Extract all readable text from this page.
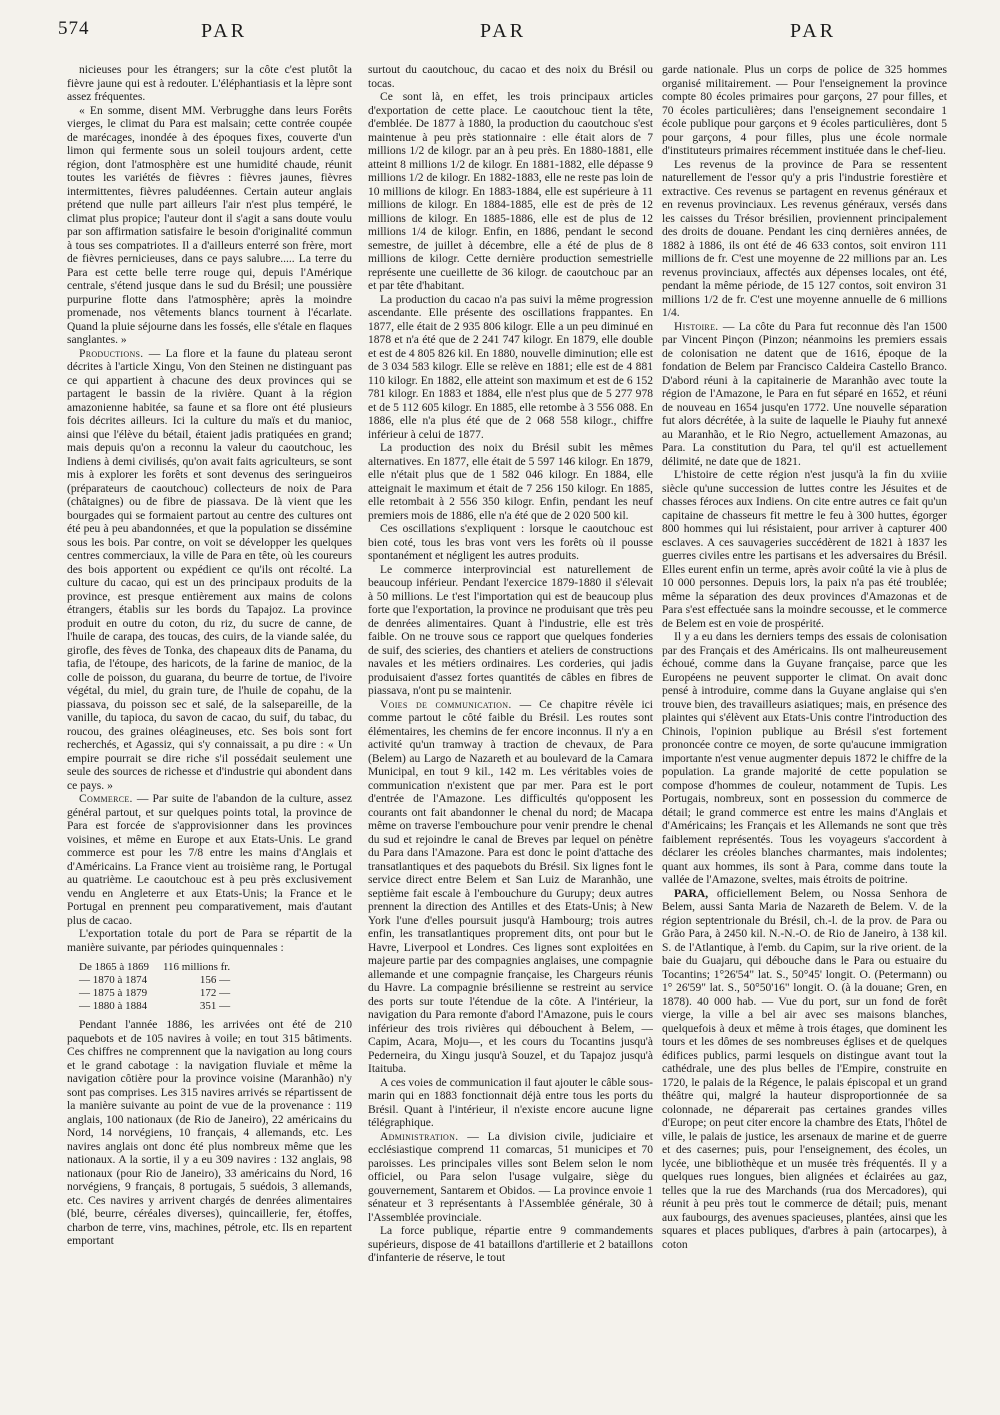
574	PAR	PAR	PAR

nicieuses pour les étrangers; sur la côte c'est plutôt la fièvre jaune qui est à redouter. L'éléphantiasis et la lèpre sont assez fréquentes.

« En somme, disent MM. Verbrugghe dans leurs Forêts vierges, le climat du Para est malsain; cette contrée coupée de marécages, inondée à des époques fixes, couverte d'un limon qui fermente sous un soleil toujours ardent, cette région, dont l'atmosphère est une humidité chaude, réunit toutes les variétés de fièvres : fièvres jaunes, fièvres intermittentes, fièvres paludéennes. Certain auteur anglais prétend que nulle part ailleurs l'air n'est plus tempéré, le climat plus propice; l'auteur dont il s'agit a sans doute voulu par son affirmation satisfaire le besoin d'originalité commun à tous ses compatriotes. Il a d'ailleurs enterré son frère, mort de fièvres pernicieuses, dans ce pays salubre..... La terre du Para est cette belle terre rouge qui, depuis l'Amérique centrale, s'étend jusque dans le sud du Brésil; une poussière purpurine flotte dans l'atmosphère; après la moindre promenade, nos vêtements blancs tournent à l'écarlate. Quand la pluie séjourne dans les fossés, elle s'étale en flaques sanglantes. »

Productions. — La flore et la faune du plateau seront décrites à l'article Xingu, Von den Steinen ne distinguant pas ce qui appartient à chacune des deux provinces qui se partagent le bassin de la rivière. Quant à la région amazonienne habitée, sa faune et sa flore ont été plusieurs fois décrites ailleurs. Ici la culture du maïs et du manioc, ainsi que l'élève du bétail, étaient jadis pratiquées en grand; mais depuis qu'on a reconnu la valeur du caoutchouc, les Indiens à demi civilisés, qu'on avait faits agriculteurs, se sont mis à explorer les forêts et sont devenus des seringueiros (préparateurs de caoutchouc) collecteurs de noix de Para (châtaignes) ou de fibre de piassava. De là vient que les bourgades qui se formaient partout au centre des cultures ont été peu à peu abandonnées, et que la population se dissémine sous les bois. Par contre, on voit se développer les quelques centres commerciaux, la ville de Para en tête, où les coureurs des bois apportent ou expédient ce qu'ils ont récolté. La culture du cacao, qui est un des principaux produits de la province, est presque entièrement aux mains de colons étrangers, établis sur les bords du Tapajoz. La province produit en outre du coton, du riz, du sucre de canne, de l'huile de carapa, des toucas, des cuirs, de la viande salée, du girofle, des fèves de Tonka, des chapeaux dits de Panama, du tafia, de l'étoupe, des haricots, de la farine de manioc, de la colle de poisson, du guarana, du beurre de tortue, de l'ivoire végétal, du miel, du grain ture, de l'huile de copahu, de la piassava, du poisson sec et salé, de la salsepareille, de la vanille, du tapioca, du savon de cacao, du suif, du tabac, du roucou, des graines oléagineuses, etc. Ses bois sont fort recherchés, et Agassiz, qui s'y connaissait, a pu dire : « Un empire pourrait se dire riche s'il possédait seulement une seule des sources de richesse et d'industrie qui abondent dans ce pays. »

Commerce. — Par suite de l'abandon de la culture, assez général partout, et sur quelques points total, la province de Para est forcée de s'approvisionner dans les provinces voisines, et même en Europe et aux Etats-Unis. Le grand commerce est pour les 7/8 entre les mains d'Anglais et d'Américains. La France vient au troisième rang, le Portugal au quatrième. Le caoutchouc est à peu près exclusivement vendu en Angleterre et aux Etats-Unis; la France et le Portugal en prennent peu comparativement, mais d'autant plus de cacao.

L'exportation totale du port de Para se répartit de la manière suivante, par périodes quinquennales :

De 1865 à 1869	116 millions fr.
— 1870 à 1874	156 —
— 1875 à 1879	172 —
— 1880 à 1884	351 —

Pendant l'année 1886, les arrivées ont été de 210 paquebots et de 105 navires à voile; en tout 315 bâtiments. Ces chiffres ne comprennent que la navigation au long cours et le grand cabotage : la navigation fluviale et même la navigation côtière pour la province voisine (Maranhão) n'y sont pas comprises. Les 315 navires arrivés se répartissent de la manière suivante au point de vue de la provenance : 119 anglais, 100 nationaux (de Rio de Janeiro), 22 américains du Nord, 14 norvégiens, 10 français, 4 allemands, etc. Les navires anglais ont donc été plus nombreux même que les nationaux. A la sortie, il y a eu 309 navires : 132 anglais, 98 nationaux (pour Rio de Janeiro), 33 américains du Nord, 16 norvégiens, 9 français, 8 portugais, 5 suédois, 3 allemands, etc. Ces navires y arrivent chargés de denrées alimentaires (blé, beurre, céréales diverses), quincaillerie, fer, étoffes, charbon de terre, vins, machines, pétrole, etc. Ils en repartent emportant

surtout du caoutchouc, du cacao et des noix du Brésil ou tocas.

Ce sont là, en effet, les trois principaux articles d'exportation de cette place. Le caoutchouc tient la tête, d'emblée. De 1877 à 1880, la production du caoutchouc s'est maintenue à peu près stationnaire : elle était alors de 7 millions 1/2 de kilogr. par an à peu près. En 1880-1881, elle atteint 8 millions 1/2 de kilogr. En 1881-1882, elle dépasse 9 millions 1/2 de kilogr. En 1882-1883, elle ne reste pas loin de 10 millions de kilogr. En 1883-1884, elle est supérieure à 11 millions de kilogr. En 1884-1885, elle est de près de 12 millions de kilogr. En 1885-1886, elle est de plus de 12 millions 1/4 de kilogr. Enfin, en 1886, pendant le second semestre, de juillet à décembre, elle a été de plus de 8 millions de kilogr. Cette dernière production semestrielle représente une cueillette de 36 kilogr. de caoutchouc par an et par tête d'habitant.

La production du cacao n'a pas suivi la même progression ascendante. Elle présente des oscillations frappantes. En 1877, elle était de 2 935 806 kilogr. Elle a un peu diminué en 1878 et n'a été que de 2 241 747 kilogr. En 1879, elle double et est de 4 805 826 kil. En 1880, nouvelle diminution; elle est de 3 034 583 kilogr. Elle se relève en 1881; elle est de 4 881 110 kilogr. En 1882, elle atteint son maximum et est de 6 152 781 kilogr. En 1883 et 1884, elle n'est plus que de 5 277 978 et de 5 112 605 kilogr. En 1885, elle retombe à 3 556 088. En 1886, elle n'a plus été que de 2 068 558 kilogr., chiffre inférieur à celui de 1877.

La production des noix du Brésil subit les mêmes alternatives. En 1877, elle était de 5 597 146 kilogr. En 1879, elle n'était plus que de 1 582 046 kilogr. En 1884, elle atteignait le maximum et était de 7 256 150 kilogr. En 1885, elle retombait à 2 556 350 kilogr. Enfin, pendant les neuf premiers mois de 1886, elle n'a été que de 2 020 500 kil.

Ces oscillations s'expliquent : lorsque le caoutchouc est bien coté, tous les bras vont vers les forêts où il pousse spontanément et négligent les autres produits.

Le commerce interprovincial est naturellement de beaucoup inférieur. Pendant l'exercice 1879-1880 il s'élevait à 50 millions. Le t'est l'importation qui est de beaucoup plus forte que l'exportation, la province ne produisant que très peu de denrées alimentaires. Quant à l'industrie, elle est très faible. On ne trouve sous ce rapport que quelques fonderies de suif, des scieries, des chantiers et ateliers de constructions navales et les métiers ordinaires. Les corderies, qui jadis produisaient d'assez fortes quantités de câbles en fibres de piassava, n'ont pu se maintenir.

Voies de communication. — Ce chapitre révèle ici comme partout le côté faible du Brésil. Les routes sont élémentaires, les chemins de fer encore inconnus. Il n'y a en activité qu'un tramway à traction de chevaux, de Para (Belem) au Largo de Nazareth et au boulevard de la Camara Municipal, en tout 9 kil., 142 m. Les véritables voies de communication n'existent que par mer. Para est le port d'entrée de l'Amazone. Les difficultés qu'opposent les courants ont fait abandonner le chenal du nord; de Macapa même on traverse l'embouchure pour venir prendre le chenal du sud et rejoindre le canal de Breves par lequel on pénètre du Para dans l'Amazone. Para est donc le point d'attache des transatlantiques et des paquebots du Brésil. Six lignes font le service direct entre Belem et San Luiz de Maranhão, une septième fait escale à l'embouchure du Gurupy; deux autres prennent la direction des Antilles et des Etats-Unis; à New York l'une d'elles poursuit jusqu'à Hambourg; trois autres enfin, les transatlantiques proprement dits, ont pour but le Havre, Liverpool et Londres. Ces lignes sont exploitées en majeure partie par des compagnies anglaises, une compagnie allemande et une compagnie française, les Chargeurs réunis du Havre. La compagnie brésilienne se restreint au service des ports sur toute l'étendue de la côte. A l'intérieur, la navigation du Para remonte d'abord l'Amazone, puis le cours inférieur des trois rivières qui débouchent à Belem, — Capim, Acara, Moju—, et les cours du Tocantins jusqu'à Pederneira, du Xingu jusqu'à Souzel, et du Tapajoz jusqu'à Itaituba.

A ces voies de communication il faut ajouter le câble sous-marin qui en 1883 fonctionnait déjà entre tous les ports du Brésil. Quant à l'intérieur, il n'existe encore aucune ligne télégraphique.

Administration. — La division civile, judiciaire et ecclésiastique comprend 11 comarcas, 51 municipes et 70 paroisses. Les principales villes sont Belem selon le nom officiel, ou Para selon l'usage vulgaire, siège du gouvernement, Santarem et Obidos. — La province envoie 1 sénateur et 3 représentants à l'Assemblée générale, 30 à l'Assemblée provinciale.

La force publique, répartie entre 9 commandements supérieurs, dispose de 41 bataillons d'artillerie et 2 bataillons d'infanterie de réserve, le tout

garde nationale. Plus un corps de police de 325 hommes organisé militairement. — Pour l'enseignement la province compte 80 écoles primaires pour garçons, 27 pour filles, et 70 écoles particulières; dans l'enseignement secondaire 1 école publique pour garçons et 9 écoles particulières, dont 5 pour garçons, 4 pour filles, plus une école normale d'instituteurs primaires récemment instituée dans le chef-lieu.

Les revenus de la province de Para se ressentent naturellement de l'essor qu'y a pris l'industrie forestière et extractive. Ces revenus se partagent en revenus généraux et en revenus provinciaux. Les revenus généraux, versés dans les caisses du Trésor brésilien, proviennent principalement des droits de douane. Pendant les cinq dernières années, de 1882 à 1886, ils ont été de 46 633 contos, soit environ 111 millions de fr. C'est une moyenne de 22 millions par an. Les revenus provinciaux, affectés aux dépenses locales, ont été, pendant la même période, de 15 127 contos, soit environ 31 millions 1/2 de fr. C'est une moyenne annuelle de 6 millions 1/4.

Histoire. — La côte du Para fut reconnue dès l'an 1500 par Vincent Pinçon (Pinzon; néanmoins les premiers essais de colonisation ne datent que de 1616, époque de la fondation de Belem par Francisco Caldeira Castello Branco. D'abord réuni à la capitainerie de Maranhão avec toute la région de l'Amazone, le Para en fut séparé en 1652, et réuni de nouveau en 1654 jusqu'en 1772. Une nouvelle séparation fut alors décrétée, à la suite de laquelle le Piauhy fut annexé au Maranhão, et le Rio Negro, actuellement Amazonas, au Para. La constitution du Para, tel qu'il est actuellement délimité, ne date que de 1821.

L'histoire de cette région n'est jusqu'à la fin du xviiie siècle qu'une succession de luttes contre les Jésuites et de chasses féroces aux Indiens. On cite entre autres ce fait qu'un capitaine de chasseurs fit mettre le feu à 300 huttes, égorger 800 hommes qui lui résistaient, pour arriver à capturer 400 esclaves. A ces sauvageries succédèrent de 1821 à 1837 les guerres civiles entre les partisans et les adversaires du Brésil. Elles eurent enfin un terme, après avoir coûté la vie à plus de 10 000 personnes. Depuis lors, la paix n'a pas été troublée; même la séparation des deux provinces d'Amazonas et de Para s'est effectuée sans la moindre secousse, et le commerce de Belem est en voie de prospérité.

Il y a eu dans les derniers temps des essais de colonisation par des Français et des Américains. Ils ont malheureusement échoué, comme dans la Guyane française, parce que les Européens ne peuvent supporter le climat. On avait donc pensé à introduire, comme dans la Guyane anglaise qui s'en trouve bien, des travailleurs asiatiques; mais, en présence des plaintes qui s'élèvent aux Etats-Unis contre l'introduction des Chinois, l'opinion publique au Brésil s'est fortement prononcée contre ce moyen, de sorte qu'aucune immigration importante n'est venue augmenter depuis 1872 le chiffre de la population. La grande majorité de cette population se compose d'hommes de couleur, notamment de Tupis. Les Portugais, nombreux, sont en possession du commerce de détail; le grand commerce est entre les mains d'Anglais et d'Américains; les Français et les Allemands ne sont que très faiblement représentés. Tous les voyageurs s'accordent à déclarer les créoles blanches charmantes, mais indolentes; quant aux hommes, ils sont à Para, comme dans toute la vallée de l'Amazone, sveltes, mais étroits de poitrine.

PARA, officiellement Belem, ou Nossa Senhora de Belem, aussi Santa Maria de Nazareth de Belem. V. de la région septentrionale du Brésil, ch.-l. de la prov. de Para ou Grão Para, à 2450 kil. N.-N.-O. de Rio de Janeiro, à 138 kil. S. de l'Atlantique, à l'emb. du Capim, sur la rive orient. de la baie du Guajaru, qui débouche dans le Para ou estuaire du Tocantins; 1°26'54" lat. S., 50°45' longit. O. (Petermann) ou 1° 26'59" lat. S., 50°50'16" longit. O. (à la douane; Gren, en 1878). 40 000 hab. — Vue du port, sur un fond de forêt vierge, la ville a bel air avec ses maisons blanches, quelquefois à deux et même à trois étages, que dominent les tours et les dômes de ses nombreuses églises et de quelques édifices publics, parmi lesquels on distingue avant tout la cathédrale, une des plus belles de l'Empire, construite en 1720, le palais de la Régence, le palais épiscopal et un grand théâtre qui, malgré la hauteur disproportionnée de sa colonnade, ne déparerait pas certaines grandes villes d'Europe; on peut citer encore la chambre des Etats, l'hôtel de ville, le palais de justice, les arsenaux de marine et de guerre et des casernes; puis, pour l'enseignement, des écoles, un lycée, une bibliothèque et un musée très fréquentés. Il y a quelques rues longues, bien alignées et éclairées au gaz, telles que la rue des Marchands (rua dos Mercadores), qui réunit à peu près tout le commerce de détail; puis, menant aux faubourgs, des avenues spacieuses, plantées, ainsi que les squares et places publiques, d'arbres à pain (artocarpes), à coton
